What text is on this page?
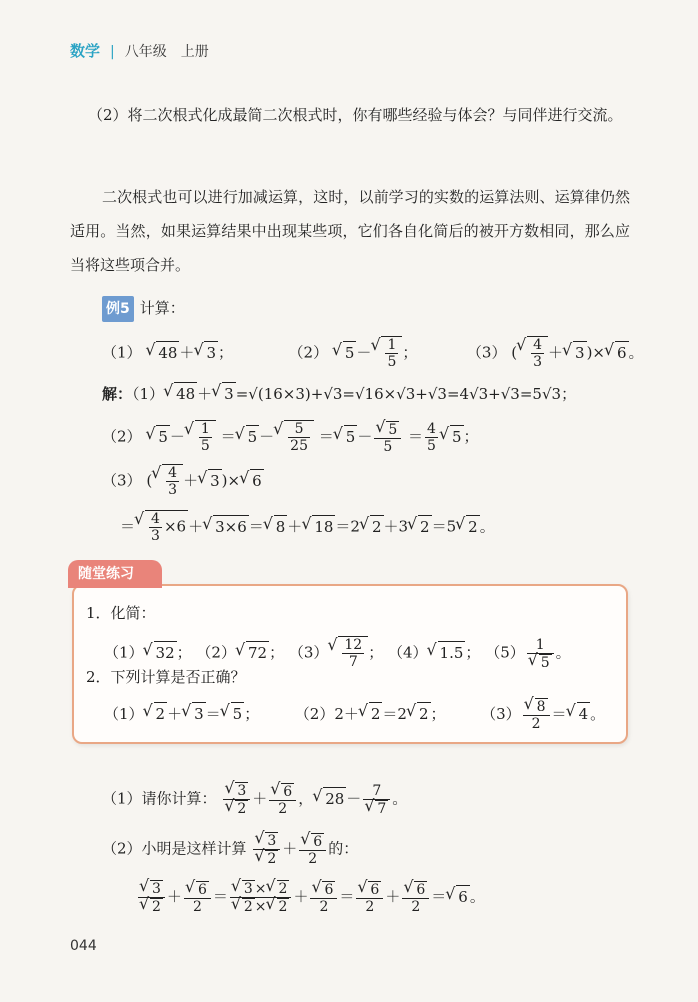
数学 | 八年级　上册
（2）将二次根式化成最简二次根式时，你有哪些经验与体会？与同伴进行交流。
二次根式也可以进行加减运算，这时，以前学习的实数的运算法则、运算律仍然适用。当然，如果运算结果中出现某些项，它们各自化简后的被开方数相同，那么应当将这些项合并。
例5 计算：
（1） √ 48 ＋ √ 3 ；	（2） √ 5 － √ $\frac{1}{5}$ ；	（3） ( √ $\frac{4}{3}$ ＋ √ 3 )× √ 6 。
解：（1） √ 48 ＋ √ 3 =√(16×3)+√3=√16×√3+√3=4√3+√3=5√3；
（2） √ 5 － √ $\frac{1}{5}$ ＝ √ 5 － √ $\frac{5}{25}$ ＝ √ 5 － √ $\frac{5}{5} = \frac{4}{5}$ √ 5 ；
（3） ( √ $\frac{4}{3}$ ＋ √ 3 )× √ 6
＝ √ $\frac{4}{3} \times 6$ ＋ √ 3×6 ＝ √ 8 ＋ √ 18 ＝2 √ 2 ＋3 √ 2 ＝5 √ 2 。
随堂练习
1．化简：
（1） √ 32 ； （2） √ 72 ； （3） √ $\frac{12}{7}$ ； （4） √ 1.5 ； （5） 1
√ 5 。
2．下列计算是否正确？
（1） √ 2 ＋ √ 3 ＝ √ 5 ；  （2）2＋ √ 2 ＝2 √ 2 ；  （3） √ $\frac{8}{2}$ ＝ √ 4 。
（1）请你计算： √ 3
√ 2 ＋ √ $\frac{6}{2}$ ， √ 28 － 7
√ 7 。
（2）小明是这样计算 √ 3
√ 2 ＋ √ $\frac{6}{2}$ 的：
√ 3
√ 2 ＋ √ $\frac{6}{2}$ ＝ √ 3 × √ 2
√ 2 × √ 2 ＋ √ $\frac{6}{2}$ ＝ √ $\frac{6}{2}$ ＋ √ $\frac{6}{2}$ ＝ √ 6 。
044
